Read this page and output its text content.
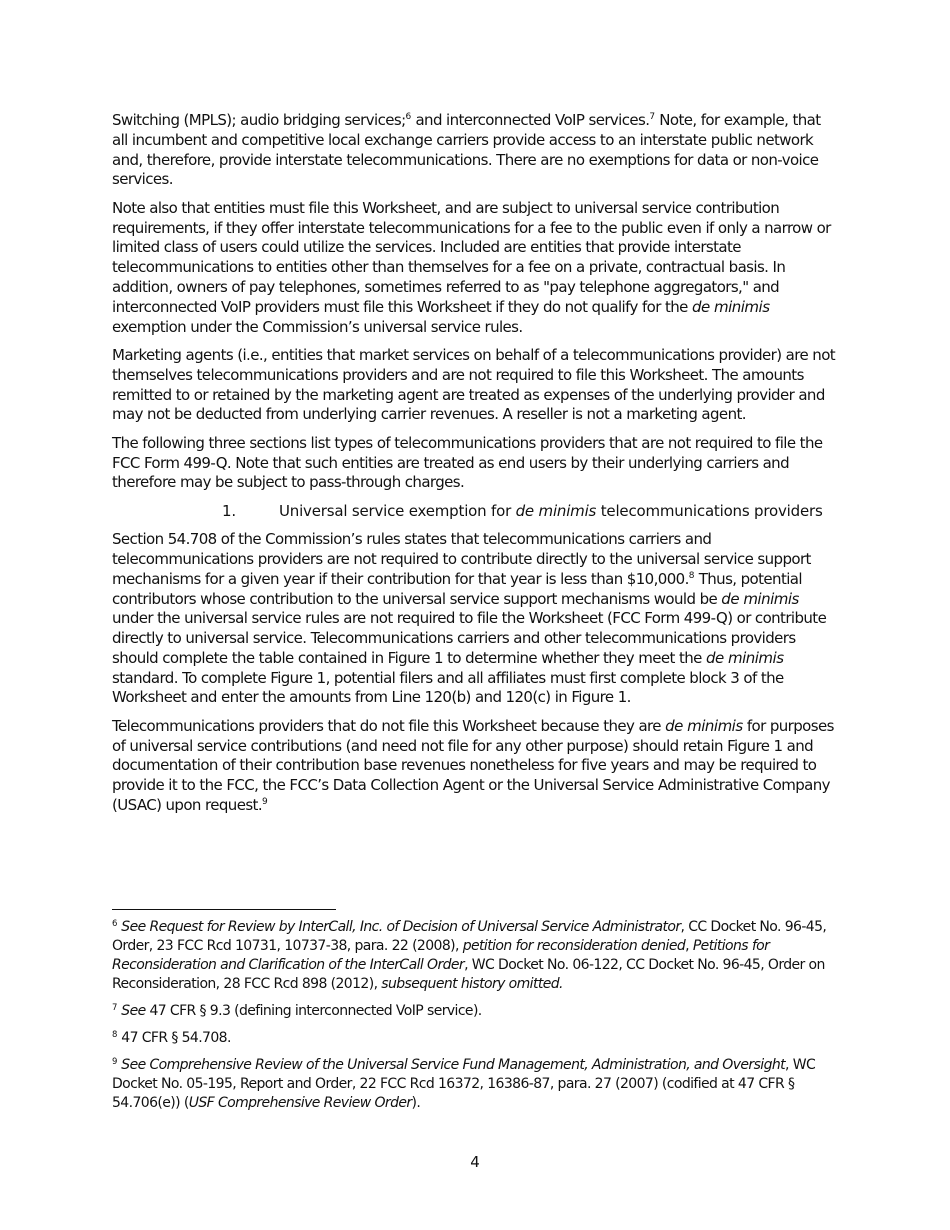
Switching (MPLS); audio bridging services;$^6$ and interconnected VoIP services.$^7$ Note, for example, that all incumbent and competitive local exchange carriers provide access to an interstate public network and, therefore, provide interstate telecommunications. There are no exemptions for data or non-voice services.

Note also that entities must file this Worksheet, and are subject to universal service contribution requirements, if they offer interstate telecommunications for a fee to the public even if only a narrow or limited class of users could utilize the services. Included are entities that provide interstate telecommunications to entities other than themselves for a fee on a private, contractual basis. In addition, owners of pay telephones, sometimes referred to as "pay telephone aggregators," and interconnected VoIP providers must file this Worksheet if they do not qualify for the de minimis exemption under the Commission’s universal service rules.

Marketing agents (i.e., entities that market services on behalf of a telecommunications provider) are not themselves telecommunications providers and are not required to file this Worksheet. The amounts remitted to or retained by the marketing agent are treated as expenses of the underlying provider and may not be deducted from underlying carrier revenues. A reseller is not a marketing agent.

The following three sections list types of telecommunications providers that are not required to file the FCC Form 499-Q. Note that such entities are treated as end users by their underlying carriers and therefore may be subject to pass-through charges.

1.	Universal service exemption for de minimis telecommunications providers

Section 54.708 of the Commission’s rules states that telecommunications carriers and telecommunications providers are not required to contribute directly to the universal service support mechanisms for a given year if their contribution for that year is less than $10,000.$^8$ Thus, potential contributors whose contribution to the universal service support mechanisms would be de minimis under the universal service rules are not required to file the Worksheet (FCC Form 499-Q) or contribute directly to universal service. Telecommunications carriers and other telecommunications providers should complete the table contained in Figure 1 to determine whether they meet the de minimis standard. To complete Figure 1, potential filers and all affiliates must first complete block 3 of the Worksheet and enter the amounts from Line 120(b) and 120(c) in Figure 1.

Telecommunications providers that do not file this Worksheet because they are de minimis for purposes of universal service contributions (and need not file for any other purpose) should retain Figure 1 and documentation of their contribution base revenues nonetheless for five years and may be required to provide it to the FCC, the FCC’s Data Collection Agent or the Universal Service Administrative Company (USAC) upon request.$^9$

$^6$ See Request for Review by InterCall, Inc. of Decision of Universal Service Administrator, CC Docket No. 96-45, Order, 23 FCC Rcd 10731, 10737-38, para. 22 (2008), petition for reconsideration denied, Petitions for Reconsideration and Clarification of the InterCall Order, WC Docket No. 06-122, CC Docket No. 96-45, Order on Reconsideration, 28 FCC Rcd 898 (2012), subsequent history omitted.

$^7$ See 47 CFR § 9.3 (defining interconnected VoIP service).

$^8$ 47 CFR § 54.708.

$^9$ See Comprehensive Review of the Universal Service Fund Management, Administration, and Oversight, WC Docket No. 05-195, Report and Order, 22 FCC Rcd 16372, 16386-87, para. 27 (2007) (codified at 47 CFR § 54.706(e)) (USF Comprehensive Review Order).

4
